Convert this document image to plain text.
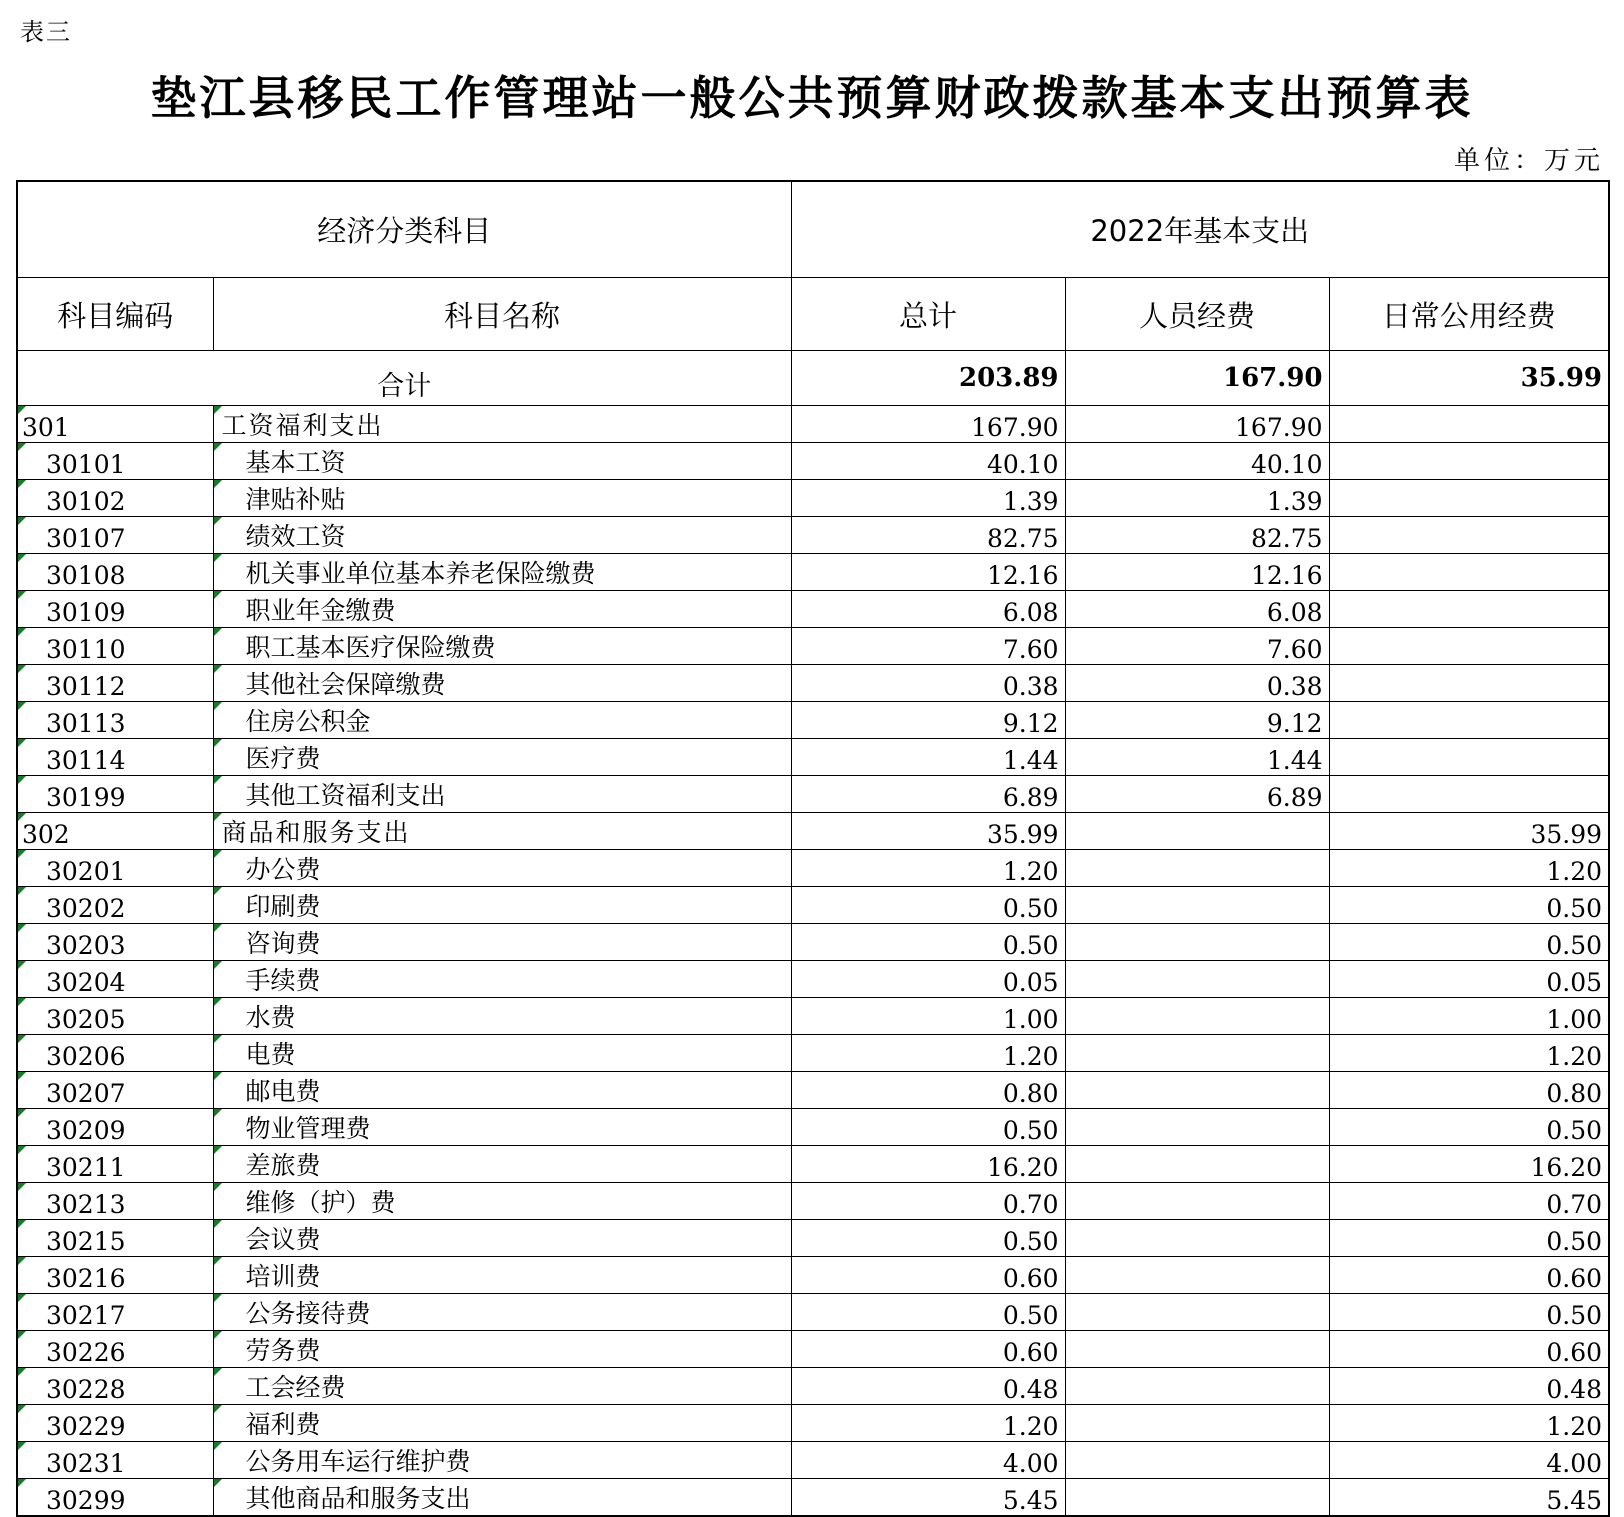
表三
垫江县移民工作管理站一般公共预算财政拨款基本支出预算表
单位：万元
经济分类科目		2022年基本支出		
科目编码	科目名称	总计	人员经费	日常公用经费
合计		203.89	167.90	35.99

301	工资福利支出	167.90	167.90	

30101	基本工资	40.10	40.10	

30102	津贴补贴	1.39	1.39	

30107	绩效工资	82.75	82.75	

30108	机关事业单位基本养老保险缴费	12.16	12.16	

30109	职业年金缴费	6.08	6.08	

30110	职工基本医疗保险缴费	7.60	7.60	

30112	其他社会保障缴费	0.38	0.38	

30113	住房公积金	9.12	9.12	

30114	医疗费	1.44	1.44	

30199	其他工资福利支出	6.89	6.89	

302	商品和服务支出	35.99		35.99

30201	办公费	1.20		1.20

30202	印刷费	0.50		0.50

30203	咨询费	0.50		0.50

30204	手续费	0.05		0.05

30205	水费	1.00		1.00

30206	电费	1.20		1.20

30207	邮电费	0.80		0.80

30209	物业管理费	0.50		0.50

30211	差旅费	16.20		16.20

30213	维修（护）费	0.70		0.70

30215	会议费	0.50		0.50

30216	培训费	0.60		0.60

30217	公务接待费	0.50		0.50

30226	劳务费	0.60		0.60

30228	工会经费	0.48		0.48

30229	福利费	1.20		1.20

30231	公务用车运行维护费	4.00		4.00

30299	其他商品和服务支出	5.45		5.45
